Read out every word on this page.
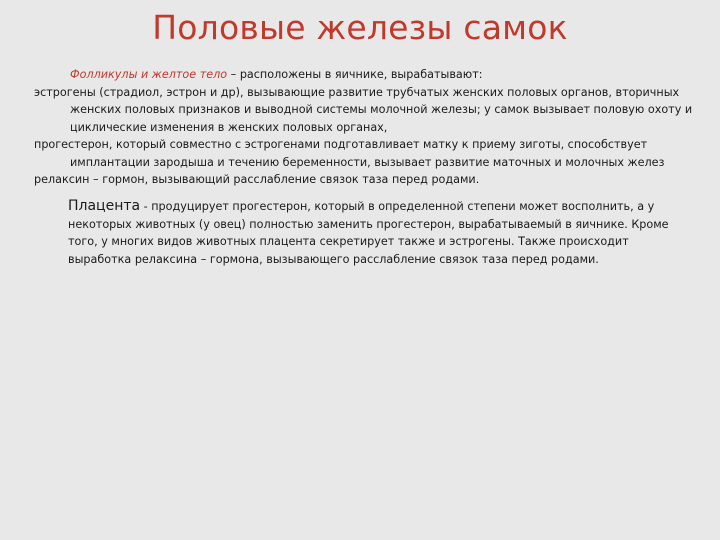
Половые железы самок

Фолликулы и желтое тело – расположены в яичнике, вырабатывают:

эстрогены (страдиол, эстрон и др), вызывающие развитие трубчатых женских половых органов, вторичных женских половых признаков и выводной системы молочной железы; у самок вызывает половую охоту и циклические изменения в женских половых органах,

прогестерон, который совместно с эстрогенами подготавливает матку к приему зиготы, способствует имплантации зародыша и течению беременности, вызывает развитие маточных и молочных желез

релаксин – гормон, вызывающий расслабление связок таза перед родами.

Плацента - продуцирует прогестерон, который в определенной степени может восполнить, а у некоторых животных (у овец) полностью заменить прогестерон, вырабатываемый в яичнике. Кроме того, у многих видов животных плацента секретирует также и эстрогены. Также происходит выработка релаксина – гормона, вызывающего расслабление связок таза перед родами.
